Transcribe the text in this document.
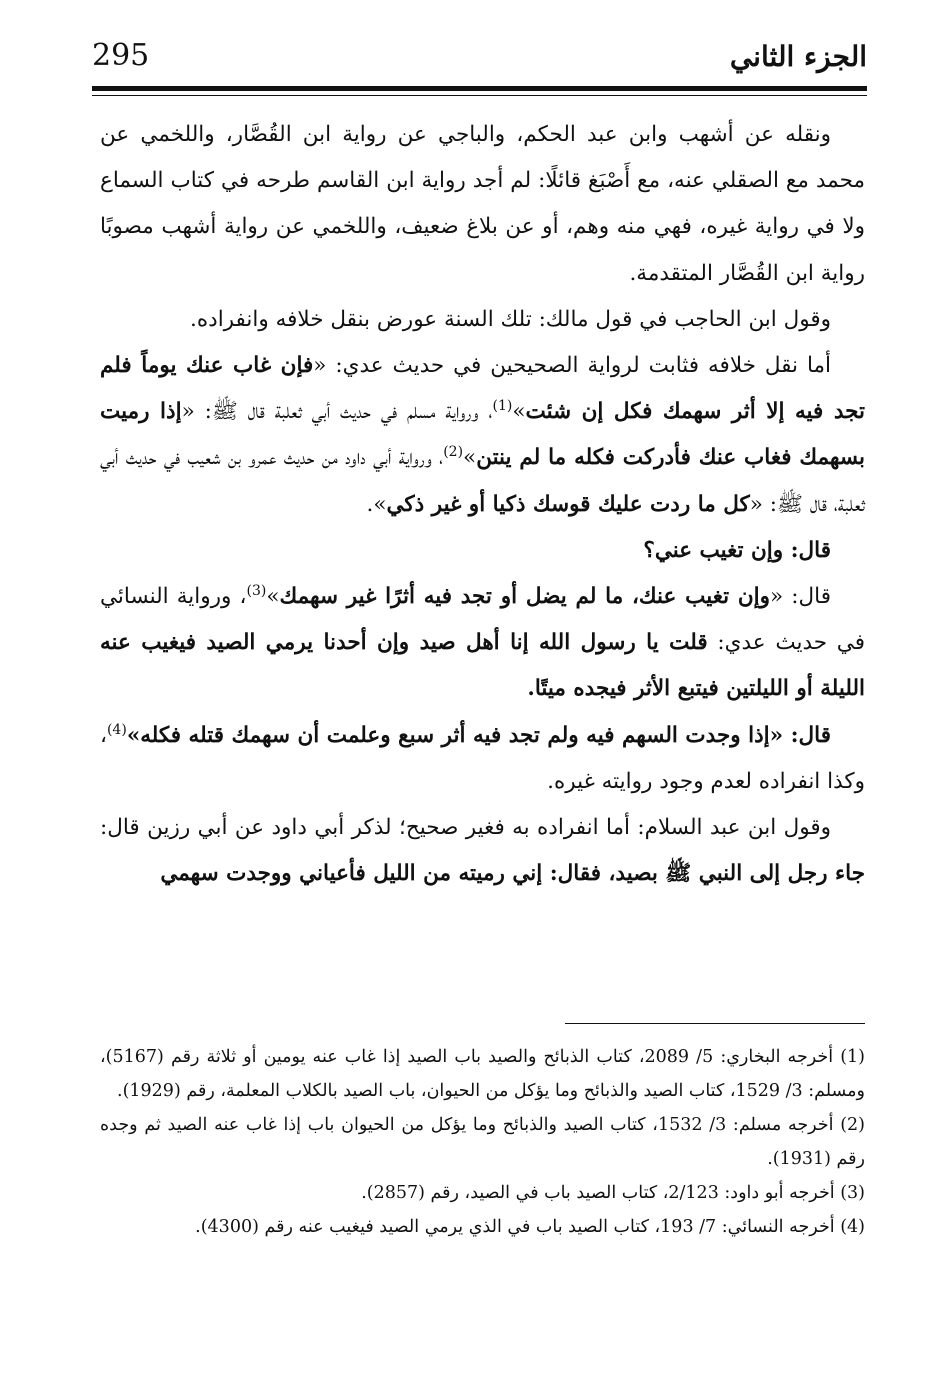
295	الجزء الثاني

ونقله عن أشهب وابن عبد الحكم، والباجي عن رواية ابن القُصَّار، واللخمي عن محمد مع الصقلي عنه، مع أَصْبَغ قائلًا: لم أجد رواية ابن القاسم طرحه في كتاب السماع ولا في رواية غيره، فهي منه وهم، أو عن بلاغ ضعيف، واللخمي عن رواية أشهب مصوبًا رواية ابن القُصَّار المتقدمة.

وقول ابن الحاجب في قول مالك: تلك السنة عورض بنقل خلافه وانفراده.

أما نقل خلافه فثابت لرواية الصحيحين في حديث عدي: «فإن غاب عنك يوماً فلم تجد فيه إلا أثر سهمك فكل إن شئت»$^{(1)}$، ورواية مسلم في حديث أبي ثعلبة قال ﷺ: «إذا رميت بسهمك فغاب عنك فأدركت فكله ما لم ينتن»$^{(2)}$، ورواية أبي داود من حديث عمرو بن شعيب في حديث أبي ثعلبة، قال ﷺ: «كل ما ردت عليك قوسك ذكيا أو غير ذكي».

قال: وإن تغيب عني؟

قال: «وإن تغيب عنك، ما لم يضل أو تجد فيه أثرًا غير سهمك»$^{(3)}$، ورواية النسائي في حديث عدي: قلت يا رسول الله إنا أهل صيد وإن أحدنا يرمي الصيد فيغيب عنه الليلة أو الليلتين فيتبع الأثر فيجده ميتًا.

قال: «إذا وجدت السهم فيه ولم تجد فيه أثر سبع وعلمت أن سهمك قتله فكله»$^{(4)}$، وكذا انفراده لعدم وجود روايته غيره.

وقول ابن عبد السلام: أما انفراده به فغير صحيح؛ لذكر أبي داود عن أبي رزين قال: جاء رجل إلى النبي ﷺ بصيد، فقال: إني رميته من الليل فأعياني ووجدت سهمي

(1) أخرجه البخاري: 5/ 2089، كتاب الذبائح والصيد باب الصيد إذا غاب عنه يومين أو ثلاثة رقم (5167)، ومسلم: 3/ 1529، كتاب الصيد والذبائح وما يؤكل من الحيوان، باب الصيد بالكلاب المعلمة، رقم (1929).

(2) أخرجه مسلم: 3/ 1532، كتاب الصيد والذبائح وما يؤكل من الحيوان باب إذا غاب عنه الصيد ثم وجده رقم (1931).

(3) أخرجه أبو داود: 2/123، كتاب الصيد باب في الصيد، رقم (2857).

(4) أخرجه النسائي: 7/ 193، كتاب الصيد باب في الذي يرمي الصيد فيغيب عنه رقم (4300).
